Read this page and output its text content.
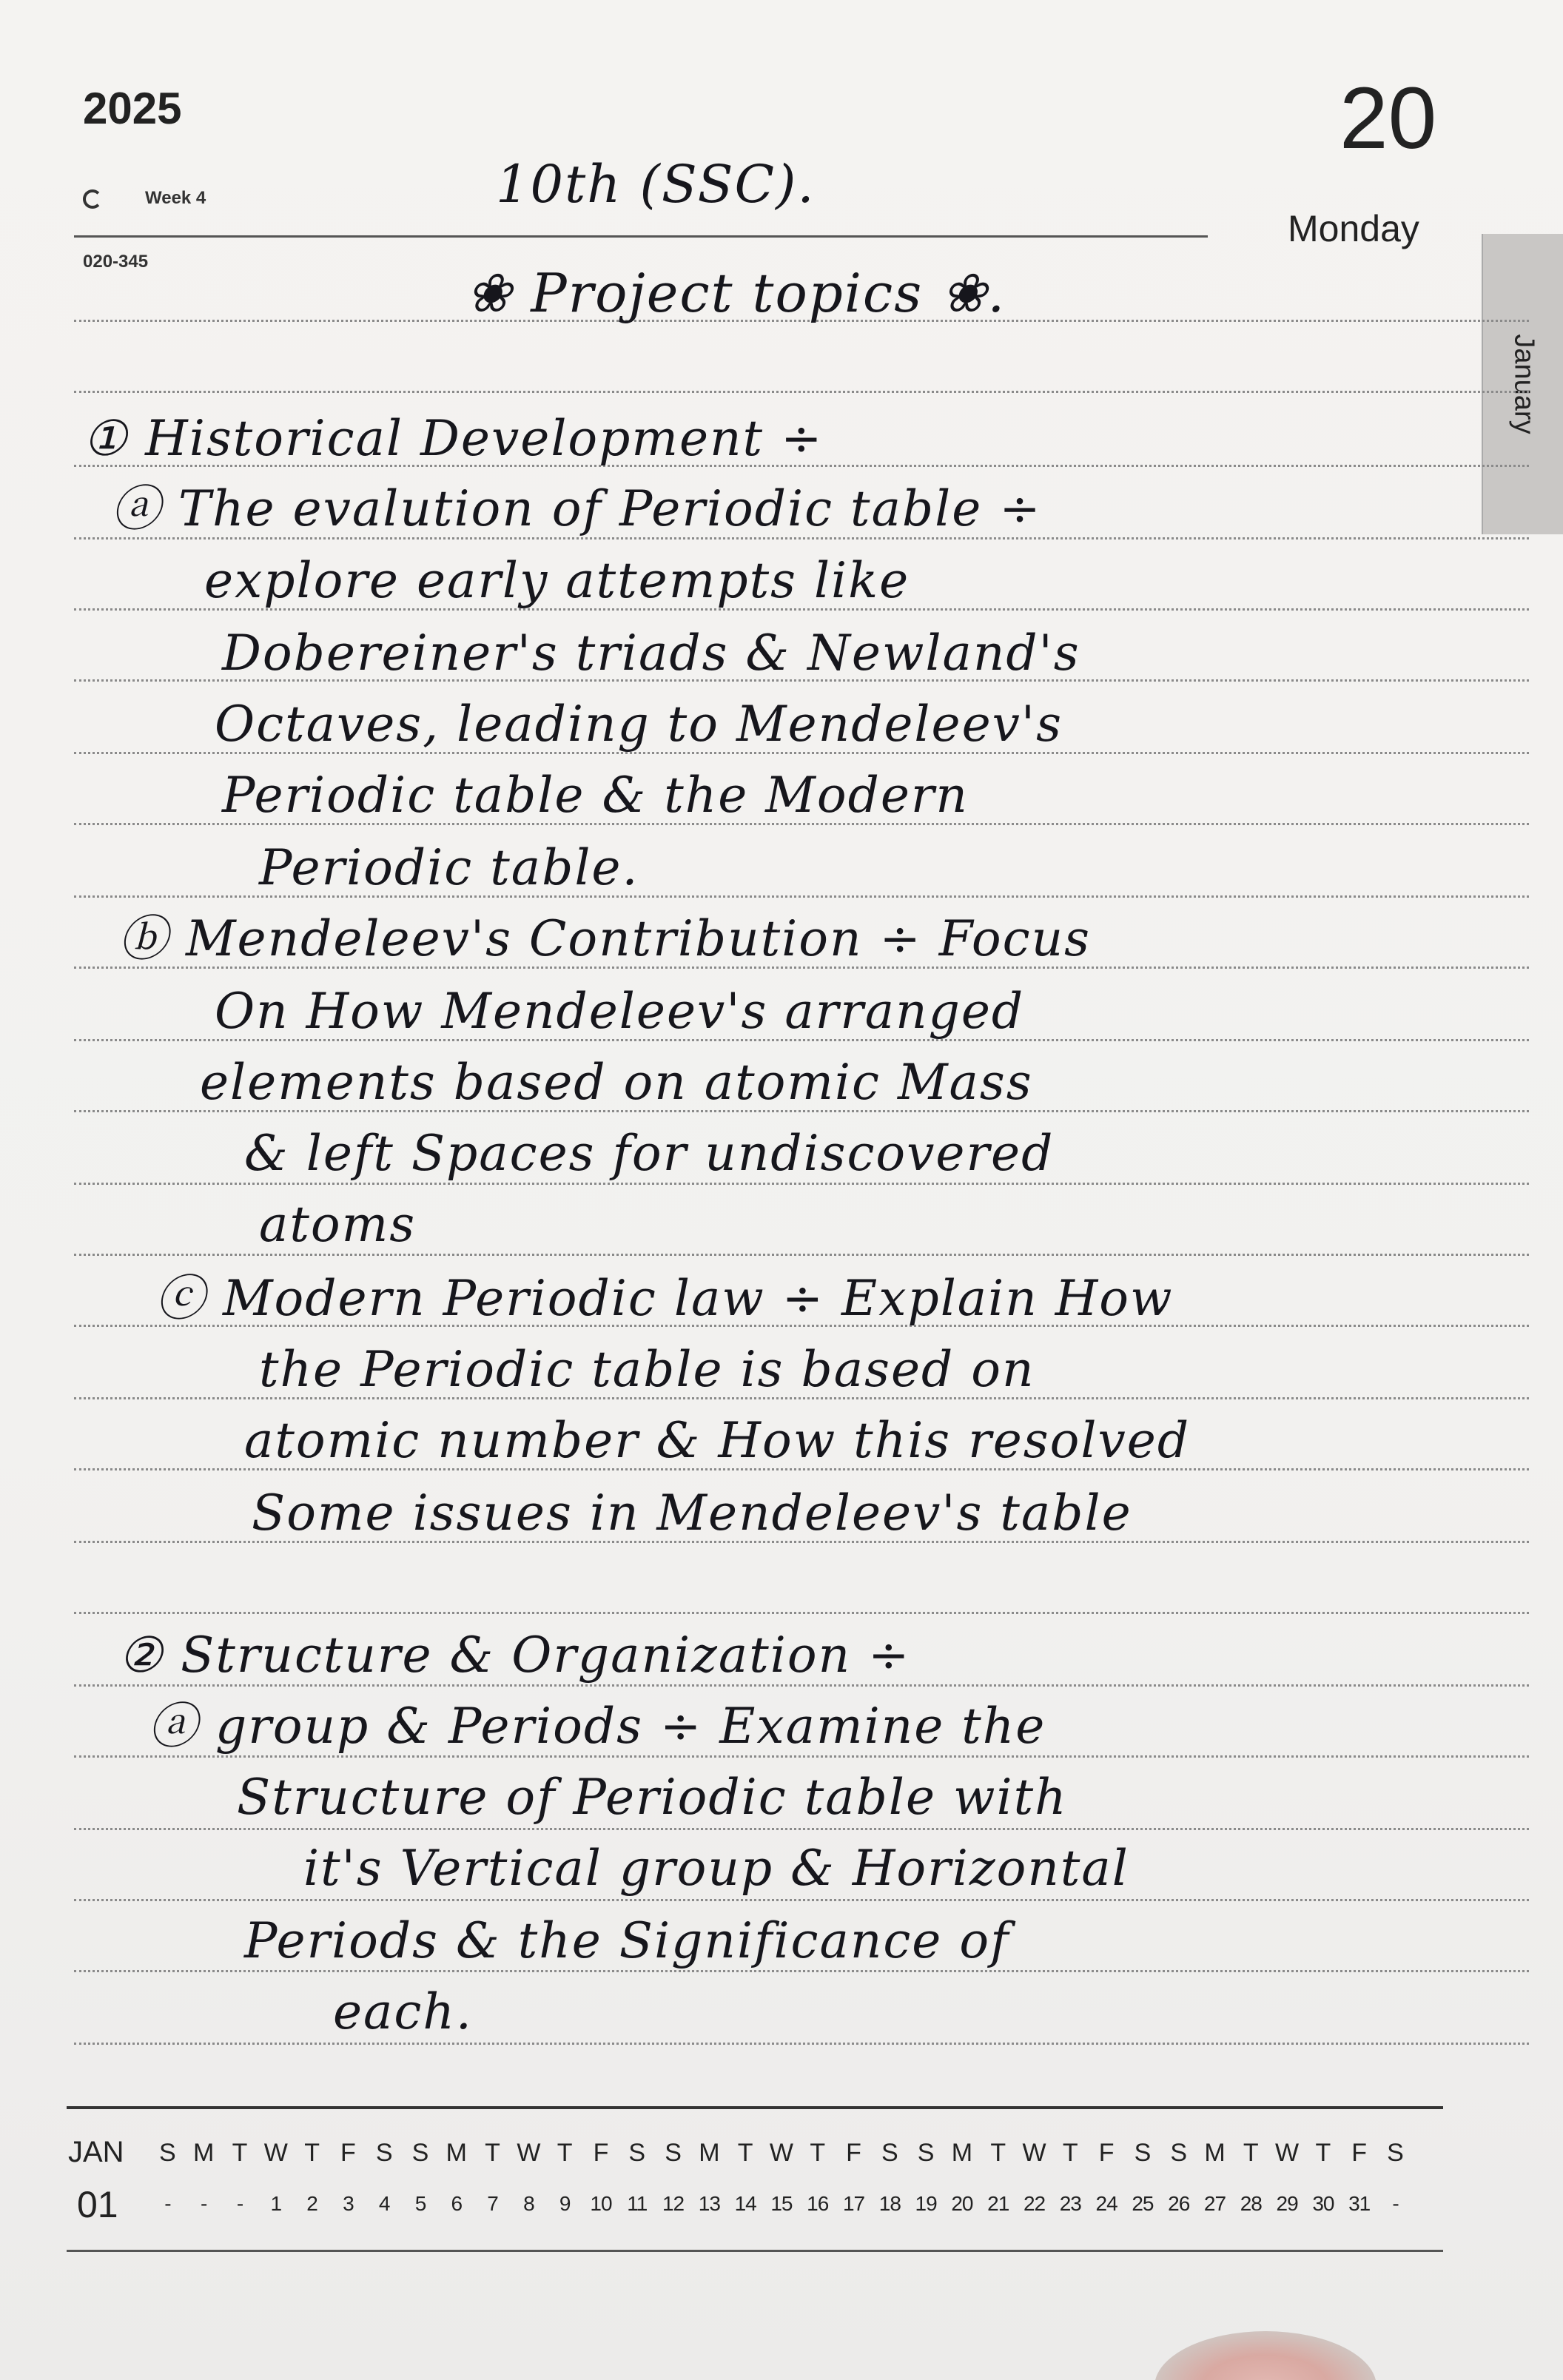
2025	20
Monday
Week 4
020-345
January
10th (SSC).
❀ Project topics ❀.
① Historical Development ÷
ⓐ The evalution of Periodic table ÷
explore early attempts like
Dobereiner's triads & Newland's
Octaves, leading to Mendeleev's
Periodic table & the Modern
Periodic table.
ⓑ Mendeleev's Contribution ÷ Focus
On How Mendeleev's arranged
elements based on atomic Mass
& left Spaces for undiscovered
atoms
ⓒ Modern Periodic law ÷ Explain How
the Periodic table is based on
atomic number & How this resolved
Some issues in Mendeleev's table
② Structure & Organization ÷
ⓐ group & Periods ÷ Examine the
Structure of Periodic table with
it's Vertical group & Horizontal
Periods & the Significance of
each.
JAN
01
S M T W T F S S M T W T F S S M T W T F S S M T W T F S S M T W T F S
-	-	-	1	2	3	4	5	6	7	8	9 10 11 12 13 14 15 16 17 18 19 20 21 22 23 24 25 26 27 28 29 30 31	-
